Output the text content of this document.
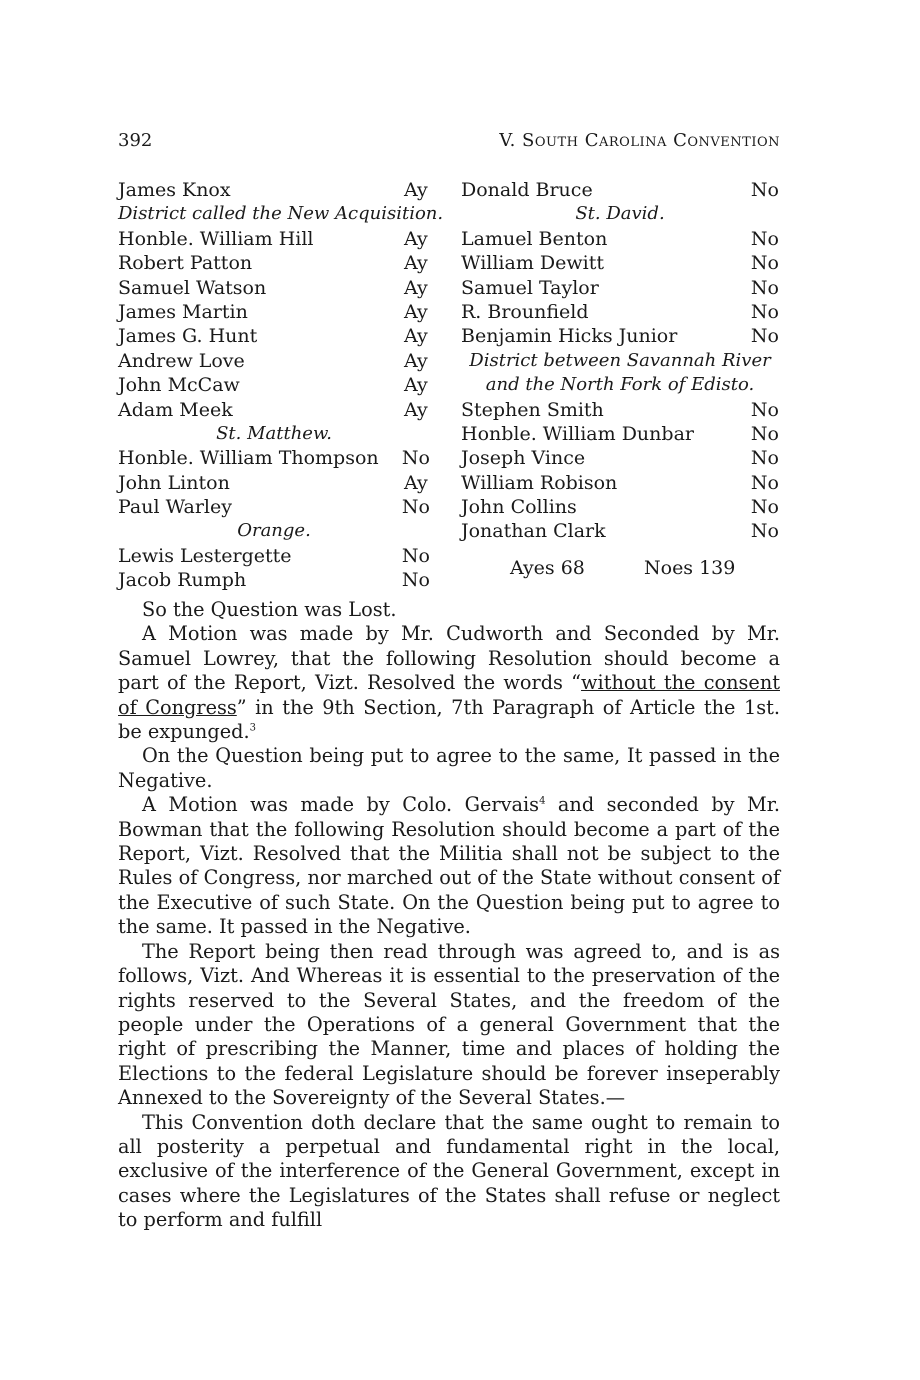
392	V. South Carolina Convention
James Knox	Ay
District called the New Acquisition.
Honble. William Hill	Ay
Robert Patton	Ay
Samuel Watson	Ay
James Martin	Ay
James G. Hunt	Ay
Andrew Love	Ay
John McCaw	Ay
Adam Meek	Ay
St. Matthew.
Honble. William Thompson No
John Linton	Ay
Paul Warley	No
Orange.
Lewis Lestergette	No
Jacob Rumph	No
Donald Bruce	No
St. David.
Lamuel Benton	No
William Dewitt	No
Samuel Taylor	No
R. Brounfield	No
Benjamin Hicks Junior	No
District between Savannah River
and the North Fork of Edisto.
Stephen Smith	No
Honble. William Dunbar	No
Joseph Vince	No
William Robison	No
John Collins	No
Jonathan Clark	No
Ayes 68	Noes 139

So the Question was Lost.

A Motion was made by Mr. Cudworth and Seconded by Mr. Samuel Lowrey, that the following Resolution should become a part of the Report, Vizt. Resolved the words “without the consent of Congress” in the 9th Section, 7th Paragraph of Article the 1st. be expunged.$^3$

On the Question being put to agree to the same, It passed in the Negative.

A Motion was made by Colo. Gervais$^4$ and seconded by Mr. Bowman that the following Resolution should become a part of the Report, Vizt. Resolved that the Militia shall not be subject to the Rules of Congress, nor marched out of the State without consent of the Executive of such State. On the Question being put to agree to the same. It passed in the Negative.

The Report being then read through was agreed to, and is as follows, Vizt. And Whereas it is essential to the preservation of the rights reserved to the Several States, and the freedom of the people under the Operations of a general Government that the right of prescribing the Manner, time and places of holding the Elections to the federal Legislature should be forever inseperably Annexed to the Sovereignty of the Several States.—

This Convention doth declare that the same ought to remain to all posterity a perpetual and fundamental right in the local, exclusive of the interference of the General Government, except in cases where the Legislatures of the States shall refuse or neglect to perform and fulfill
